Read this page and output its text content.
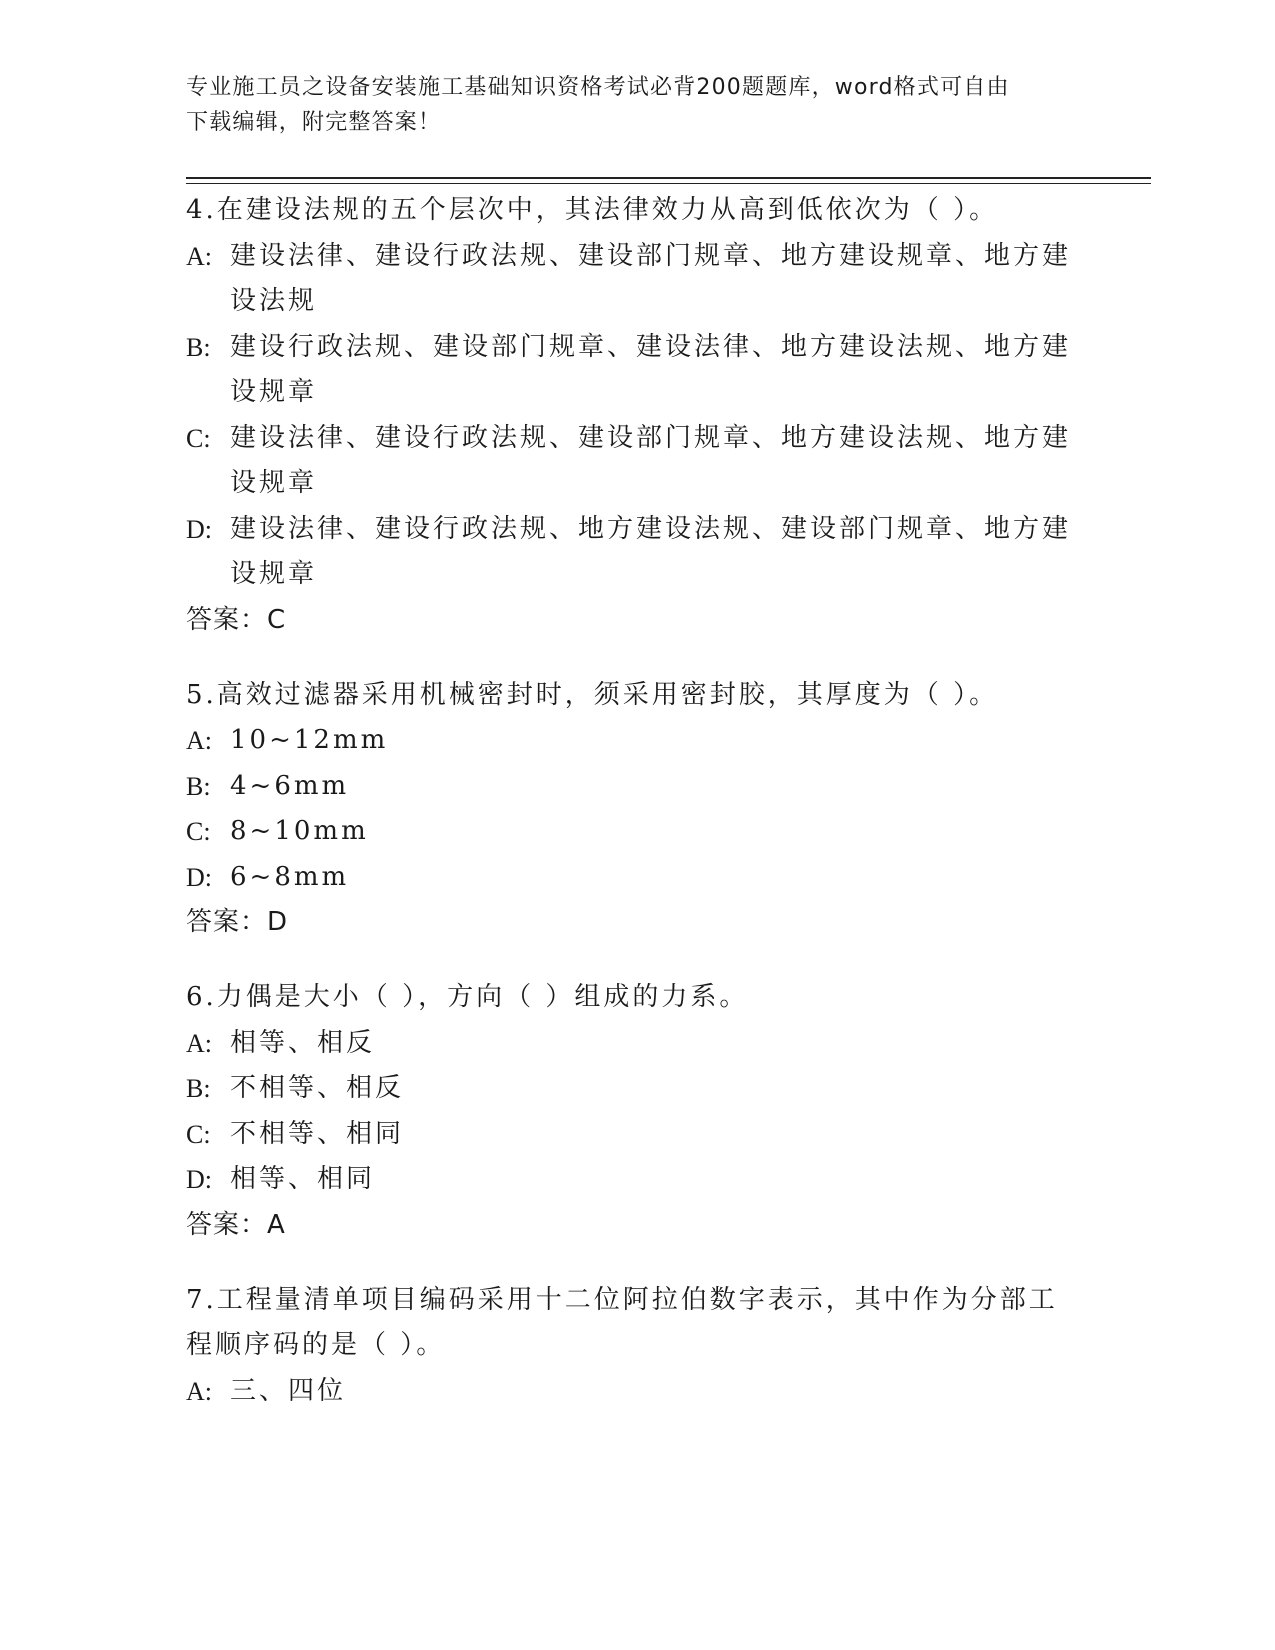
专业施工员之设备安装施工基础知识资格考试必背200题题库，word格式可自由
下载编辑，附完整答案！
4.在建设法规的五个层次中，其法律效力从高到低依次为（ ）。
A: 建设法律、建设行政法规、建设部门规章、地方建设规章、地方建设法规
B: 建设行政法规、建设部门规章、建设法律、地方建设法规、地方建设规章
C: 建设法律、建设行政法规、建设部门规章、地方建设法规、地方建设规章
D: 建设法律、建设行政法规、地方建设法规、建设部门规章、地方建设规章
答案：C
5.高效过滤器采用机械密封时，须采用密封胶，其厚度为（ ）。
A: 10~12mm
B: 4~6mm
C: 8~10mm
D: 6~8mm
答案：D
6.力偶是大小（ ），方向（ ）组成的力系。
A: 相等、相反
B: 不相等、相反
C: 不相等、相同
D: 相等、相同
答案：A
7.工程量清单项目编码采用十二位阿拉伯数字表示，其中作为分部工程顺序码的是（ ）。
A: 三、四位
